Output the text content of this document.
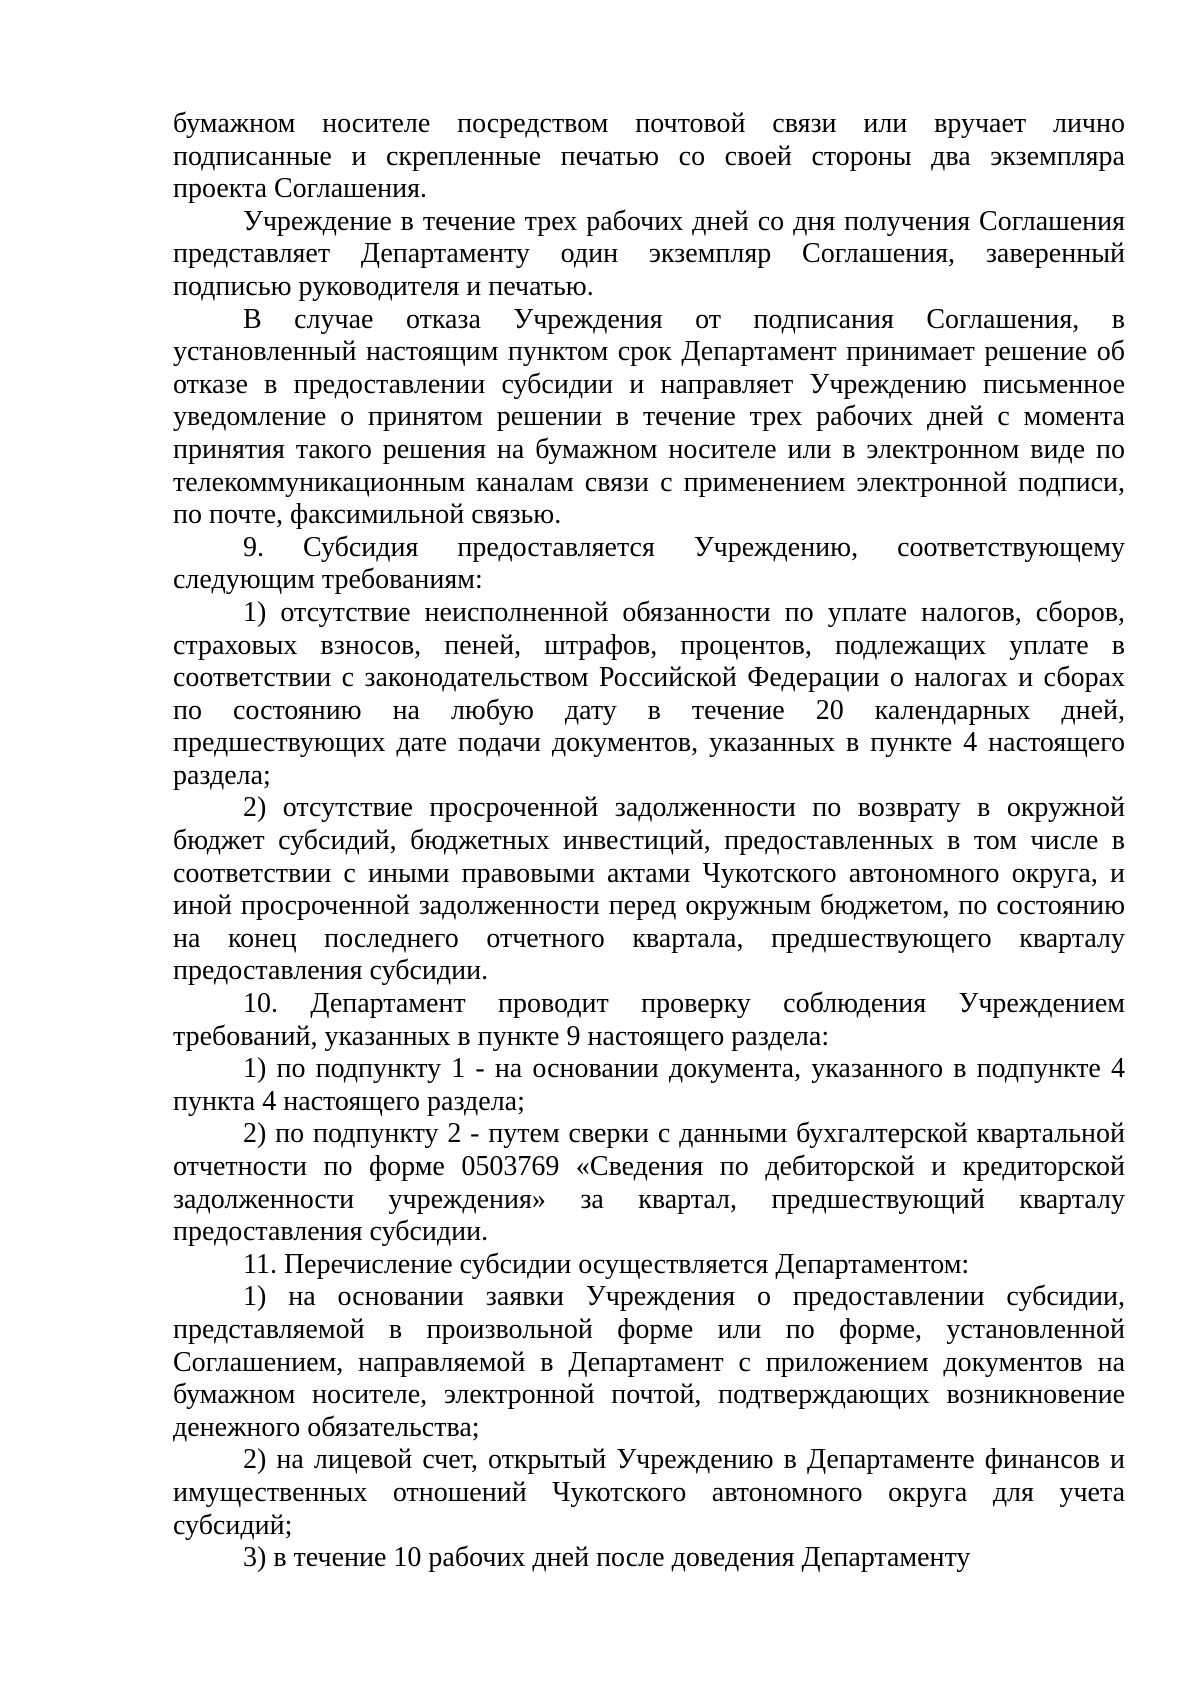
бумажном носителе посредством почтовой связи или вручает лично подписанные и скрепленные печатью со своей стороны два экземпляра проекта Соглашения.

Учреждение в течение трех рабочих дней со дня получения Соглашения представляет Департаменту один экземпляр Соглашения, заверенный подписью руководителя и печатью.

В случае отказа Учреждения от подписания Соглашения, в установленный настоящим пунктом срок Департамент принимает решение об отказе в предоставлении субсидии и направляет Учреждению письменное уведомление о принятом решении в течение трех рабочих дней с момента принятия такого решения на бумажном носителе или в электронном виде по телекоммуникационным каналам связи с применением электронной подписи, по почте, факсимильной связью.

9. Субсидия предоставляется Учреждению, соответствующему следующим требованиям:

1) отсутствие неисполненной обязанности по уплате налогов, сборов, страховых взносов, пеней, штрафов, процентов, подлежащих уплате в соответствии с законодательством Российской Федерации о налогах и сборах по состоянию на любую дату в течение 20 календарных дней, предшествующих дате подачи документов, указанных в пункте 4 настоящего раздела;

2) отсутствие просроченной задолженности по возврату в окружной бюджет субсидий, бюджетных инвестиций, предоставленных в том числе в соответствии с иными правовыми актами Чукотского автономного округа, и иной просроченной задолженности перед окружным бюджетом, по состоянию на конец последнего отчетного квартала, предшествующего кварталу предоставления субсидии.

10. Департамент проводит проверку соблюдения Учреждением требований, указанных в пункте 9 настоящего раздела:

1) по подпункту 1 - на основании документа, указанного в подпункте 4 пункта 4 настоящего раздела;

2) по подпункту 2 - путем сверки с данными бухгалтерской квартальной отчетности по форме 0503769 «Сведения по дебиторской и кредиторской задолженности учреждения» за квартал, предшествующий кварталу предоставления субсидии.

11. Перечисление субсидии осуществляется Департаментом:

1) на основании заявки Учреждения о предоставлении субсидии, представляемой в произвольной форме или по форме, установленной Соглашением, направляемой в Департамент с приложением документов на бумажном носителе, электронной почтой, подтверждающих возникновение денежного обязательства;

2) на лицевой счет, открытый Учреждению в Департаменте финансов и имущественных отношений Чукотского автономного округа для учета субсидий;

3) в течение 10 рабочих дней после доведения Департаменту
